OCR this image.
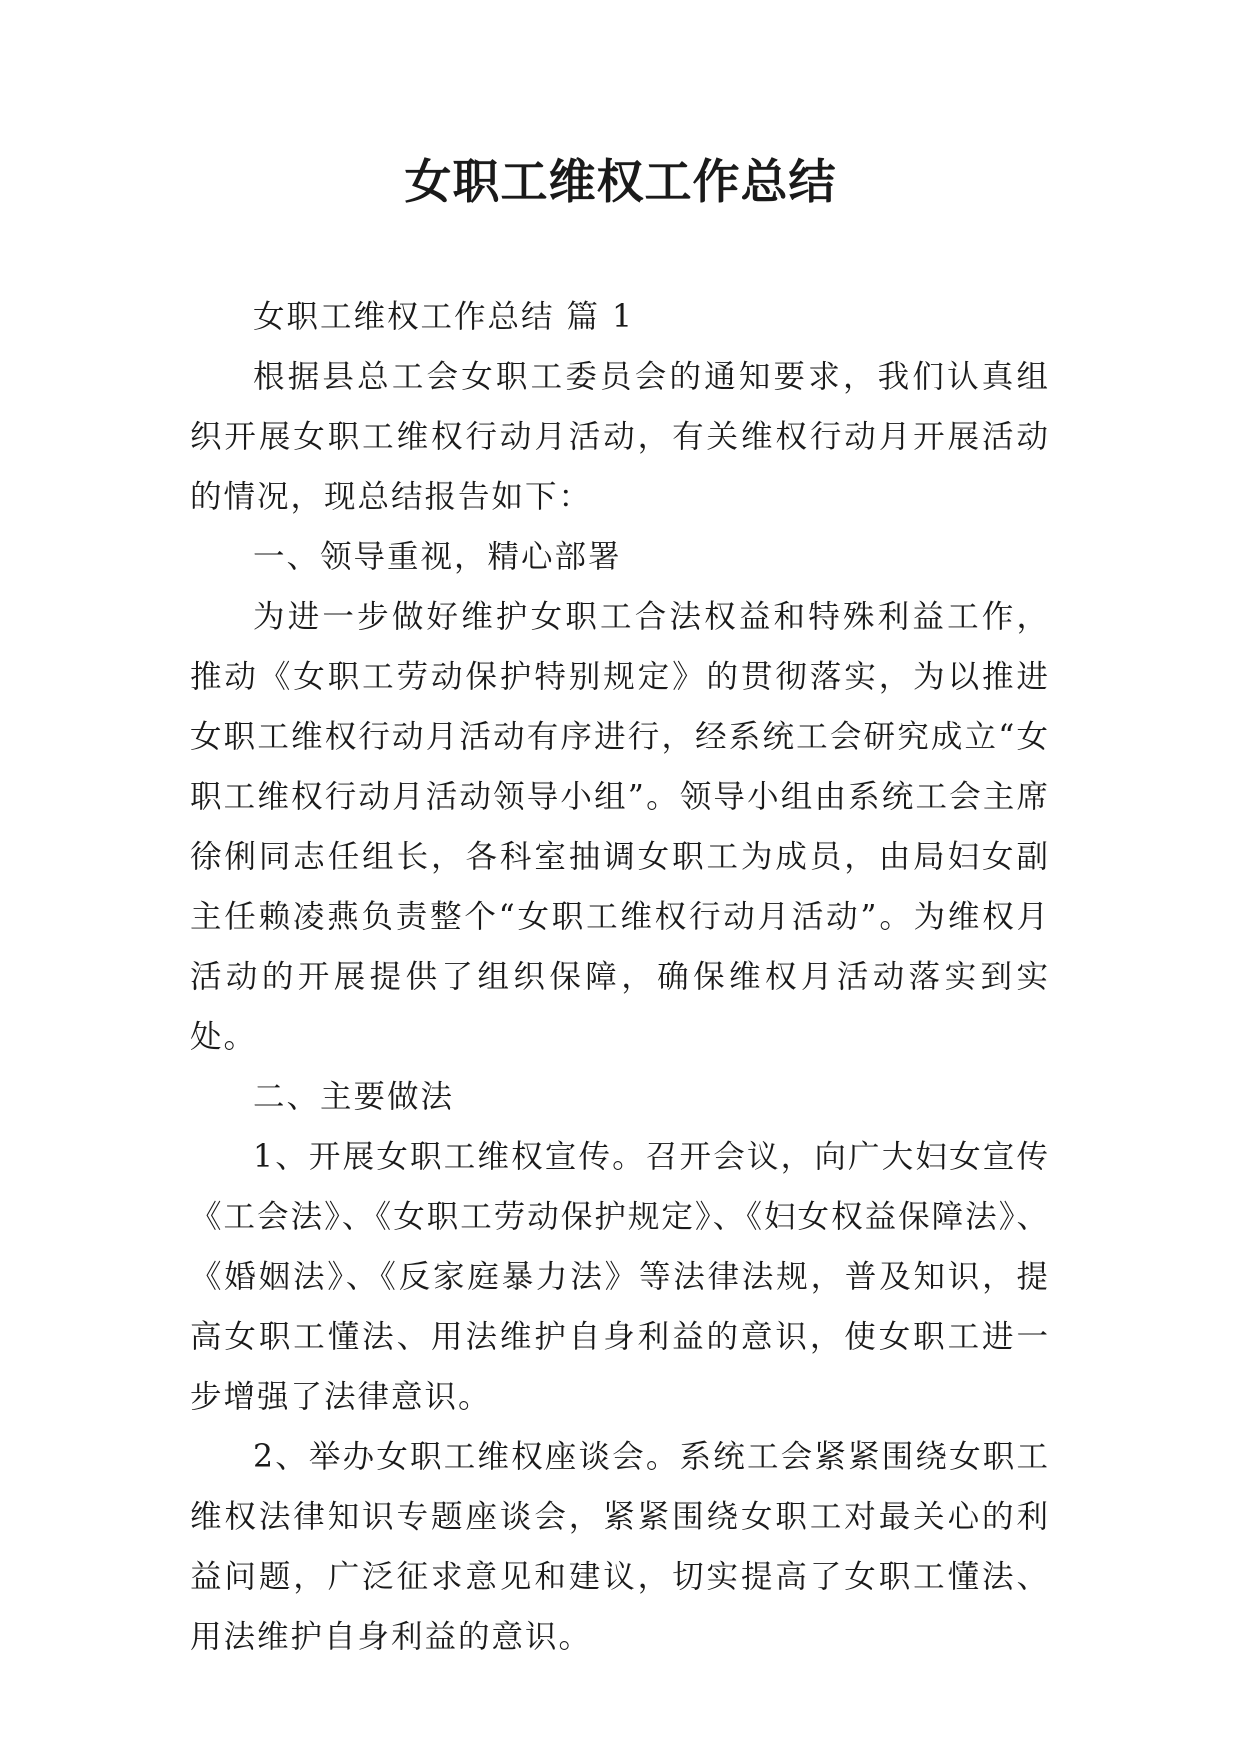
女职工维权工作总结

女职工维权工作总结 篇 1

根据县总工会女职工委员会的通知要求，我们认真组织开展女职工维权行动月活动，有关维权行动月开展活动的情况，现总结报告如下：

一、领导重视，精心部署

为进一步做好维护女职工合法权益和特殊利益工作，推动《女职工劳动保护特别规定》的贯彻落实，为以推进女职工维权行动月活动有序进行，经系统工会研究成立“女职工维权行动月活动领导小组”。领导小组由系统工会主席徐俐同志任组长，各科室抽调女职工为成员，由局妇女副主任赖凌燕负责整个“女职工维权行动月活动”。为维权月活动的开展提供了组织保障，确保维权月活动落实到实处。

二、主要做法

1、开展女职工维权宣传。召开会议，向广大妇女宣传《工会法》、《女职工劳动保护规定》、《妇女权益保障法》、《婚姻法》、《反家庭暴力法》等法律法规，普及知识，提高女职工懂法、用法维护自身利益的意识，使女职工进一步增强了法律意识。

2、举办女职工维权座谈会。系统工会紧紧围绕女职工维权法律知识专题座谈会，紧紧围绕女职工对最关心的利益问题，广泛征求意见和建议，切实提高了女职工懂法、用法维护自身利益的意识。
